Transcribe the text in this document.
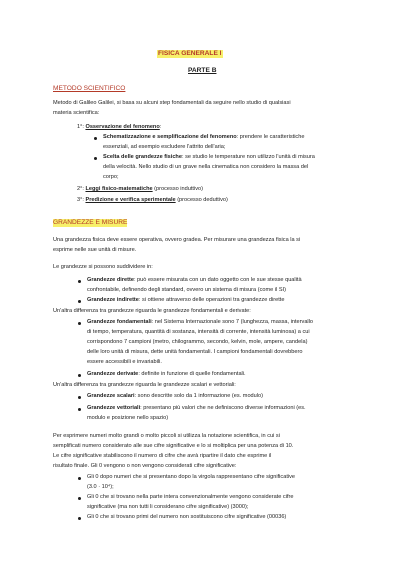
FISICA GENERALE I
PARTE B
METODO SCIENTIFICO
Metodo di Galileo Galilei, si basa su alcuni step fondamentali da seguire nello studio di qualsiasi
materia scientifica:
1°: Osservazione del fenomeno:
Schematizzazione e semplificazione del fenomeno: prendere le caratteristiche
essenziali, ad esempio escludere l'attrito dell'aria;
Scelta delle grandezze fisiche: se studio le temperature non utilizzo l'unità di misura
della velocità. Nello studio di un grave nella cinematica non considero la massa del
corpo;
2°: Leggi fisico-matematiche (processo induttivo)
3°: Predizione e verifica sperimentale (processo deduttivo)
GRANDEZZE E MISURE
Una grandezza fisica deve essere operativa, ovvero gradea. Per misurare una grandezza fisica la si
esprime nelle sue unità di misure.
Le grandezze si possono suddividere in:
Grandezze dirette: può essere misurata con un dato oggetto con le sue stesse qualità
confrontabile, definendo degli standard, ovvero un sistema di misura (come il SI)
Grandezze indirette: si ottiene attraverso delle operazioni tra grandezze dirette
Un'altra differenza tra grandezze riguarda le grandezze fondamentali e derivate:
Grandezze fondamentali: nel Sistema Internazionale sono 7 (lunghezza, massa, intervallo
di tempo, temperatura, quantità di sostanza, intensità di corrente, intensità luminosa) a cui
corrispondono 7 campioni (metro, chilogrammo, secondo, kelvin, mole, ampere, candela)
delle loro unità di misura, dette unità fondamentali. I campioni fondamentali dovrebbero
essere accessibili e invariabili.
Grandezze derivate: definite in funzione di quelle fondamentali.
Un'altra differenza tra grandezze riguarda le grandezze scalari e vettoriali:
Grandezze scalari: sono descritte solo da 1 informazione (es. modulo)
Grandezze vettoriali: presentano più valori che ne definiscono diverse informazioni (es.
modulo e posizione nello spazio)
Per esprimere numeri molto grandi o molto piccoli si utilizza la notazione scientifica, in cui si
semplificati numero considerato alle sue cifre significative e lo si moltiplica per una potenza di 10.
Le cifre significative stabiliscono il numero di cifre che avrà ripartire il dato che esprime il
risultato finale. Gli 0 vengono o non vengono considerati cifre significative:
Gli 0 dopo numeri che si presentano dopo la virgola rappresentano cifre significative
(3.0 · 10⁴);
Gli 0 che si trovano nella parte intera convenzionalmente vengono considerate cifre
significative (ma non tutti li considerano cifre significative) (3000);
Gli 0 che si trovano primi del numero non sostituiscono cifre significative (00036)
